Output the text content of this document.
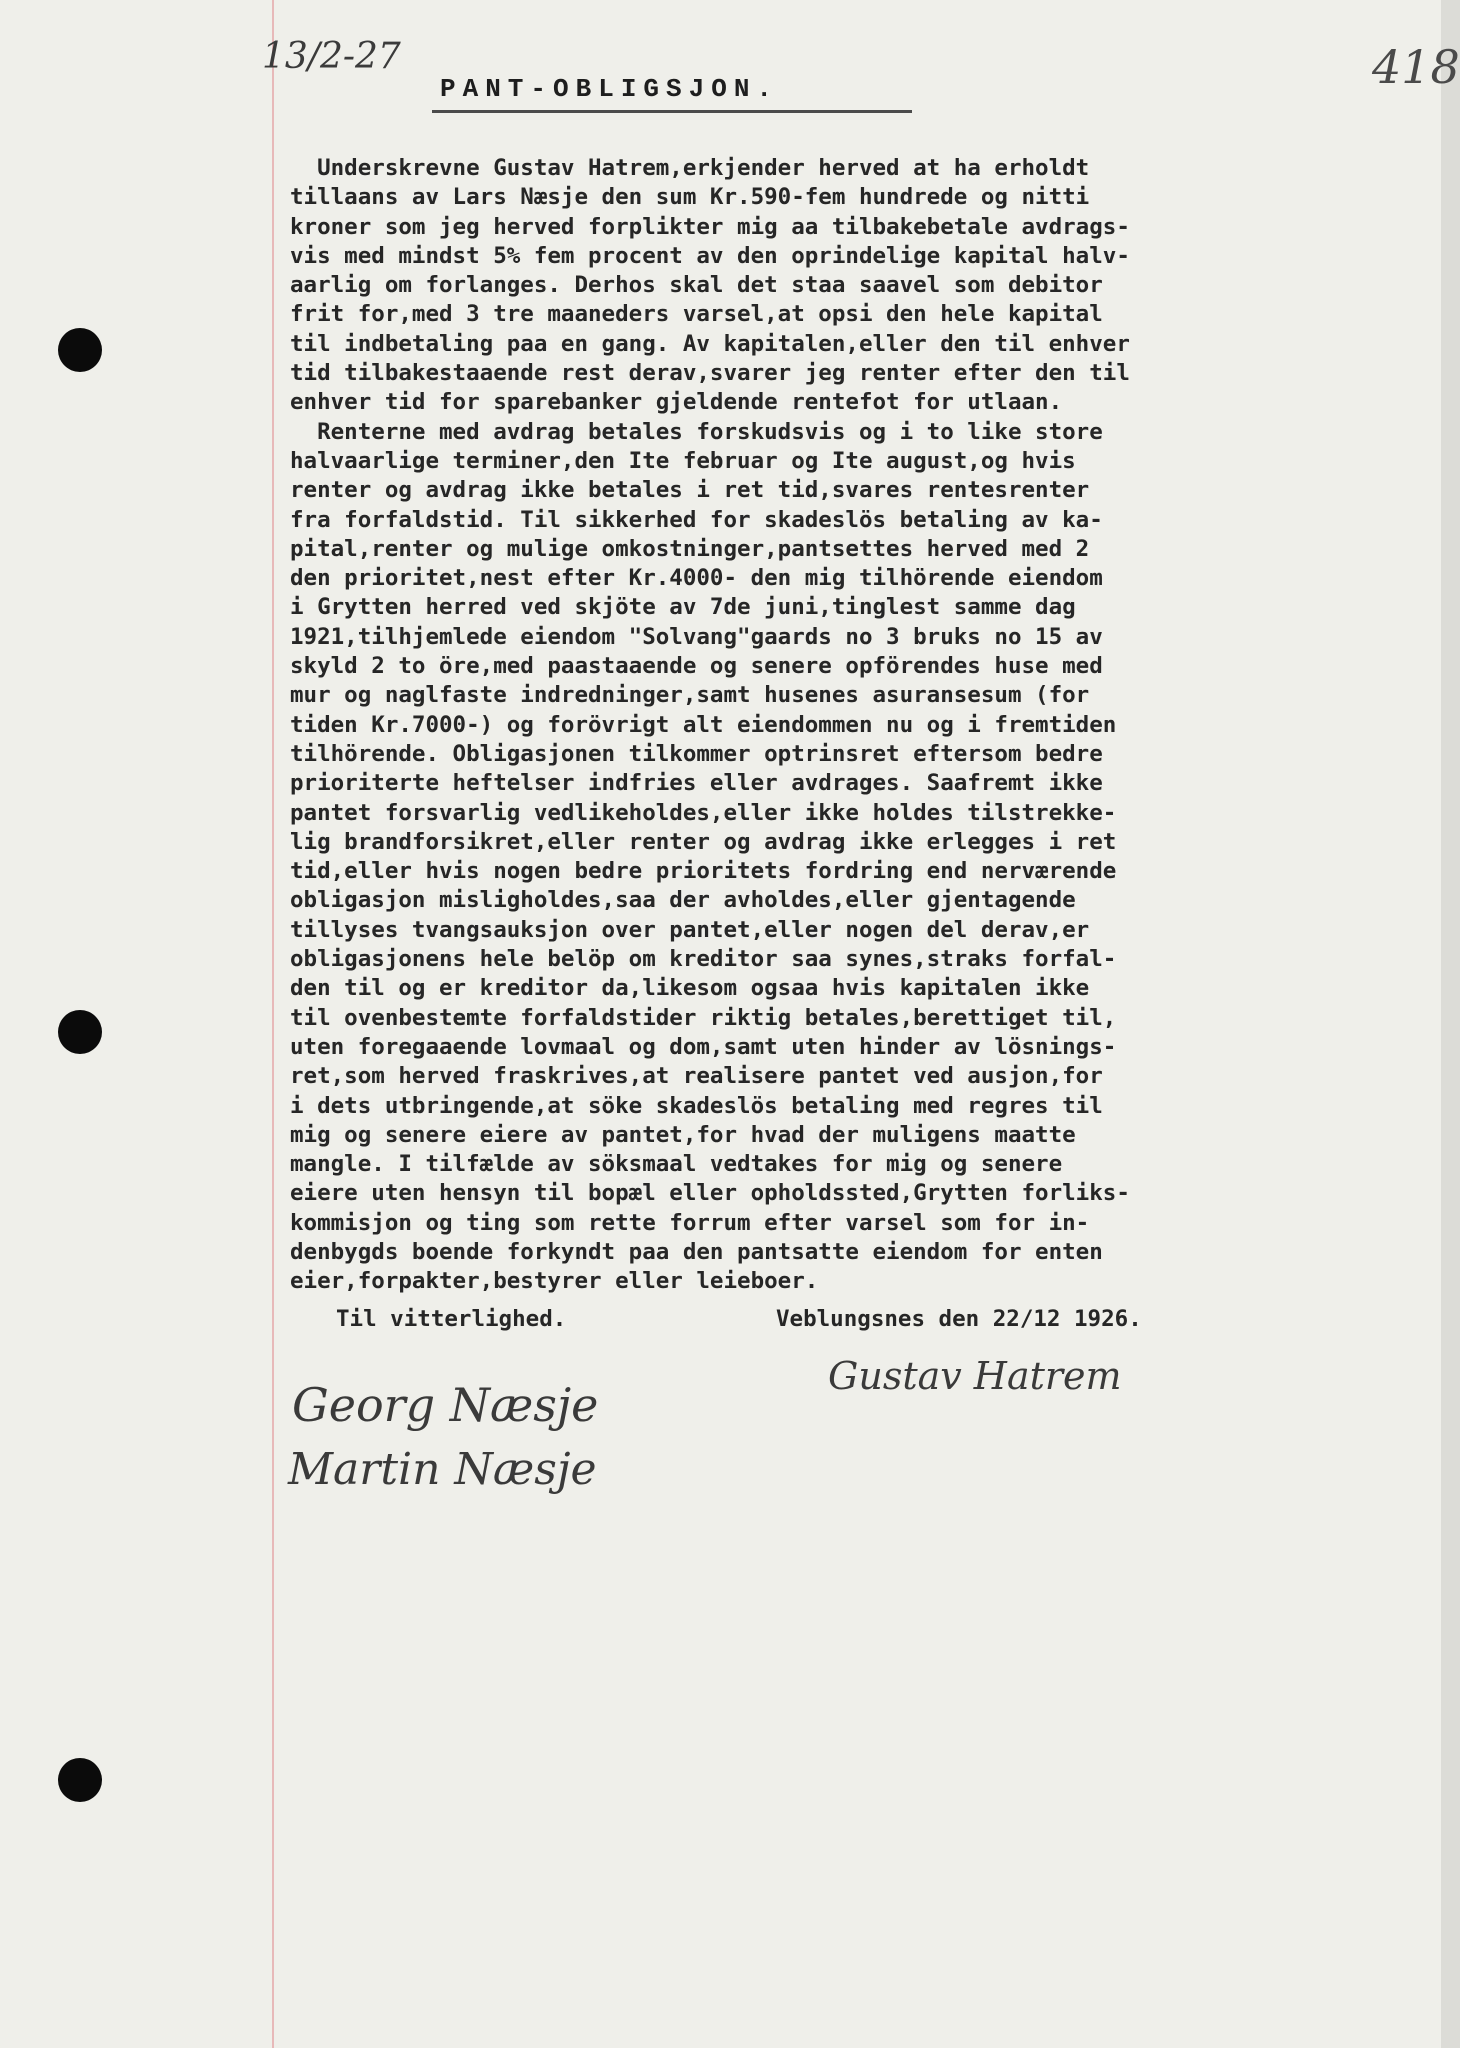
13/2-27
PANT-OBLIGSJON.	418
Underskrevne Gustav Hatrem,erkjender herved at ha erholdt
tillaans av Lars Næsje den sum Kr.590-fem hundrede og nitti
kroner som jeg herved forplikter mig aa tilbakebetale avdrags-
vis med mindst 5% fem procent av den oprindelige kapital halv-
aarlig om forlanges. Derhos skal det staa saavel som debitor
frit for,med 3 tre maaneders varsel,at opsi den hele kapital
til indbetaling paa en gang. Av kapitalen,eller den til enhver
tid tilbakestaaende rest derav,svarer jeg renter efter den til
enhver tid for sparebanker gjeldende rentefot for utlaan.
Renterne med avdrag betales forskudsvis og i to like store
halvaarlige terminer,den Ite februar og Ite august,og hvis
renter og avdrag ikke betales i ret tid,svares rentesrenter
fra forfaldstid. Til sikkerhed for skadeslös betaling av ka-
pital,renter og mulige omkostninger,pantsettes herved med 2
den prioritet,nest efter Kr.4000- den mig tilhörende eiendom
i Grytten herred ved skjöte av 7de juni,tinglest samme dag
1921,tilhjemlede eiendom "Solvang"gaards no 3 bruks no 15 av
skyld 2 to öre,med paastaaende og senere opförendes huse med
mur og naglfaste indredninger,samt husenes asuransesum (for
tiden Kr.7000-) og forövrigt alt eiendommen nu og i fremtiden
tilhörende. Obligasjonen tilkommer optrinsret eftersom bedre
prioriterte heftelser indfries eller avdrages. Saafremt ikke
pantet forsvarlig vedlikeholdes,eller ikke holdes tilstrekke-
lig brandforsikret,eller renter og avdrag ikke erlegges i ret
tid,eller hvis nogen bedre prioritets fordring end nerværende
obligasjon misligholdes,saa der avholdes,eller gjentagende
tillyses tvangsauksjon over pantet,eller nogen del derav,er
obligasjonens hele belöp om kreditor saa synes,straks forfal-
den til og er kreditor da,likesom ogsaa hvis kapitalen ikke
til ovenbestemte forfaldstider riktig betales,berettiget til,
uten foregaaende lovmaal og dom,samt uten hinder av lösnings-
ret,som herved fraskrives,at realisere pantet ved ausjon,for
i dets utbringende,at söke skadeslös betaling med regres til
mig og senere eiere av pantet,for hvad der muligens maatte
mangle. I tilfælde av söksmaal vedtakes for mig og senere
eiere uten hensyn til bopæl eller opholdssted,Grytten forliks-
kommisjon og ting som rette forrum efter varsel som for in-
denbygds boende forkyndt paa den pantsatte eiendom for enten
eier,forpakter,bestyrer eller leieboer.
Til vitterlighed.	Veblungsnes den 22/12 1926.
Georg Næsje
Martin Næsje
Gustav Hatrem
